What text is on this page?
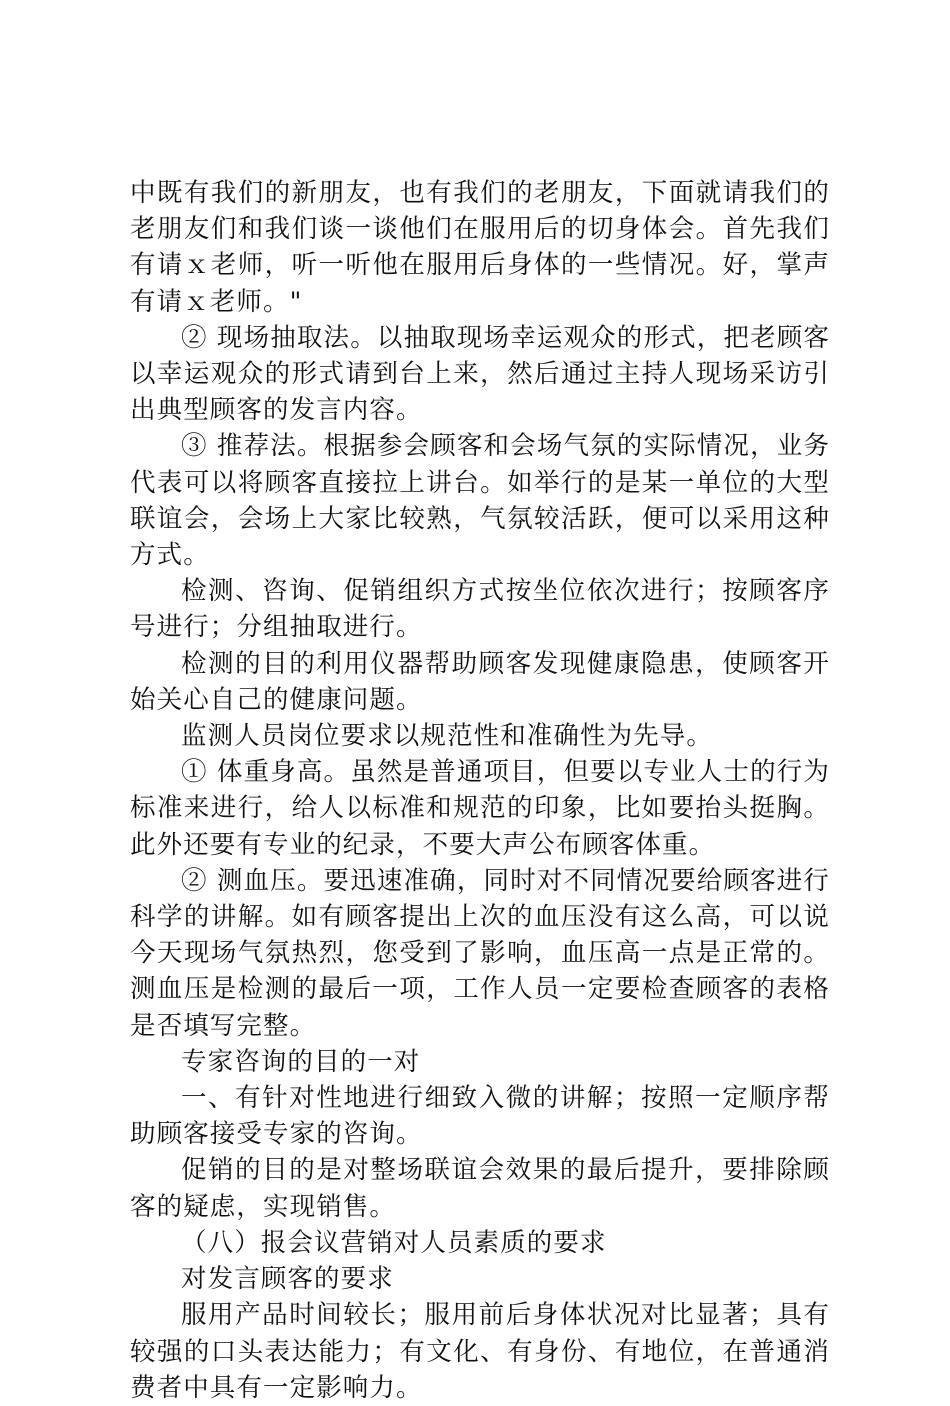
中既有我们的新朋友，也有我们的老朋友，下面就请我们的老朋友们和我们谈一谈他们在服用后的切身体会。首先我们有请ｘ老师，听一听他在服用后身体的一些情况。好，掌声有请ｘ老师。"

② 现场抽取法。以抽取现场幸运观众的形式，把老顾客以幸运观众的形式请到台上来，然后通过主持人现场采访引出典型顾客的发言内容。

③ 推荐法。根据参会顾客和会场气氛的实际情况，业务代表可以将顾客直接拉上讲台。如举行的是某一单位的大型联谊会，会场上大家比较熟，气氛较活跃，便可以采用这种方式。

检测、咨询、促销组织方式按坐位依次进行；按顾客序号进行；分组抽取进行。

检测的目的利用仪器帮助顾客发现健康隐患，使顾客开始关心自己的健康问题。

监测人员岗位要求以规范性和准确性为先导。

① 体重身高。虽然是普通项目，但要以专业人士的行为标准来进行，给人以标准和规范的印象，比如要抬头挺胸。此外还要有专业的纪录，不要大声公布顾客体重。

② 测血压。要迅速准确，同时对不同情况要给顾客进行科学的讲解。如有顾客提出上次的血压没有这么高，可以说今天现场气氛热烈，您受到了影响，血压高一点是正常的。测血压是检测的最后一项，工作人员一定要检查顾客的表格是否填写完整。

专家咨询的目的一对

一、有针对性地进行细致入微的讲解；按照一定顺序帮助顾客接受专家的咨询。

促销的目的是对整场联谊会效果的最后提升，要排除顾客的疑虑，实现销售。

（八）报会议营销对人员素质的要求

对发言顾客的要求

服用产品时间较长；服用前后身体状况对比显著；具有较强的口头表达能力；有文化、有身份、有地位，在普通消费者中具有一定影响力。
